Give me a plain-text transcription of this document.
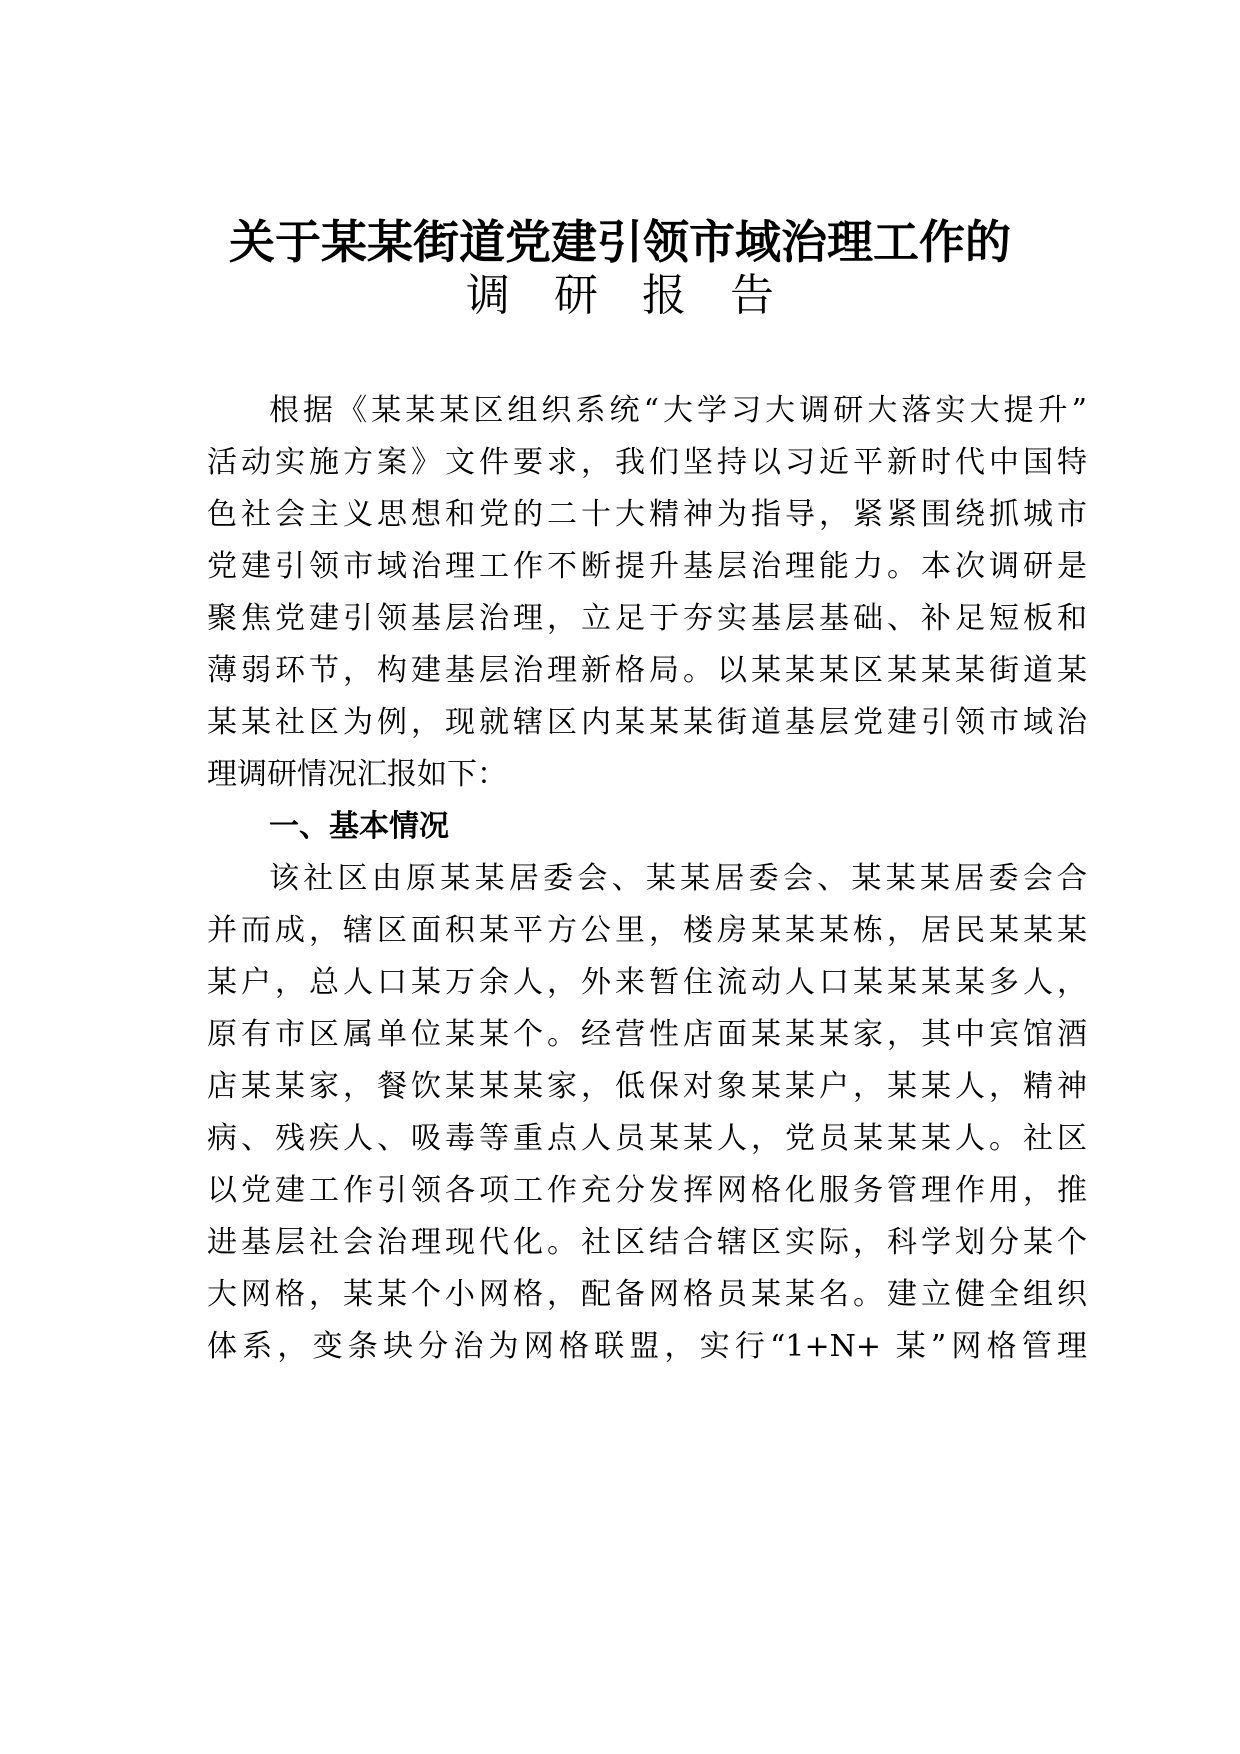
关于某某街道党建引领市域治理工作的
调　研　报　告
根据《某某某区组织系统“大学习大调研大落实大提升”
活动实施方案》文件要求，我们坚持以习近平新时代中国特
色社会主义思想和党的二十大精神为指导，紧紧围绕抓城市
党建引领市域治理工作不断提升基层治理能力。本次调研是
聚焦党建引领基层治理，立足于夯实基层基础、补足短板和
薄弱环节，构建基层治理新格局。以某某某区某某某街道某
某某社区为例，现就辖区内某某某街道基层党建引领市域治
理调研情况汇报如下：
一、基本情况
该社区由原某某居委会、某某居委会、某某某居委会合
并而成，辖区面积某平方公里，楼房某某某栋，居民某某某
某户，总人口某万余人，外来暂住流动人口某某某某多人，
原有市区属单位某某个。经营性店面某某某家，其中宾馆酒
店某某家，餐饮某某某家，低保对象某某户，某某人，精神
病、残疾人、吸毒等重点人员某某人，党员某某某人。社区
以党建工作引领各项工作充分发挥网格化服务管理作用，推
进基层社会治理现代化。社区结合辖区实际，科学划分某个
大网格，某某个小网格，配备网格员某某名。建立健全组织
体系，变条块分治为网格联盟，实行“1+N+ 某”网格管理
